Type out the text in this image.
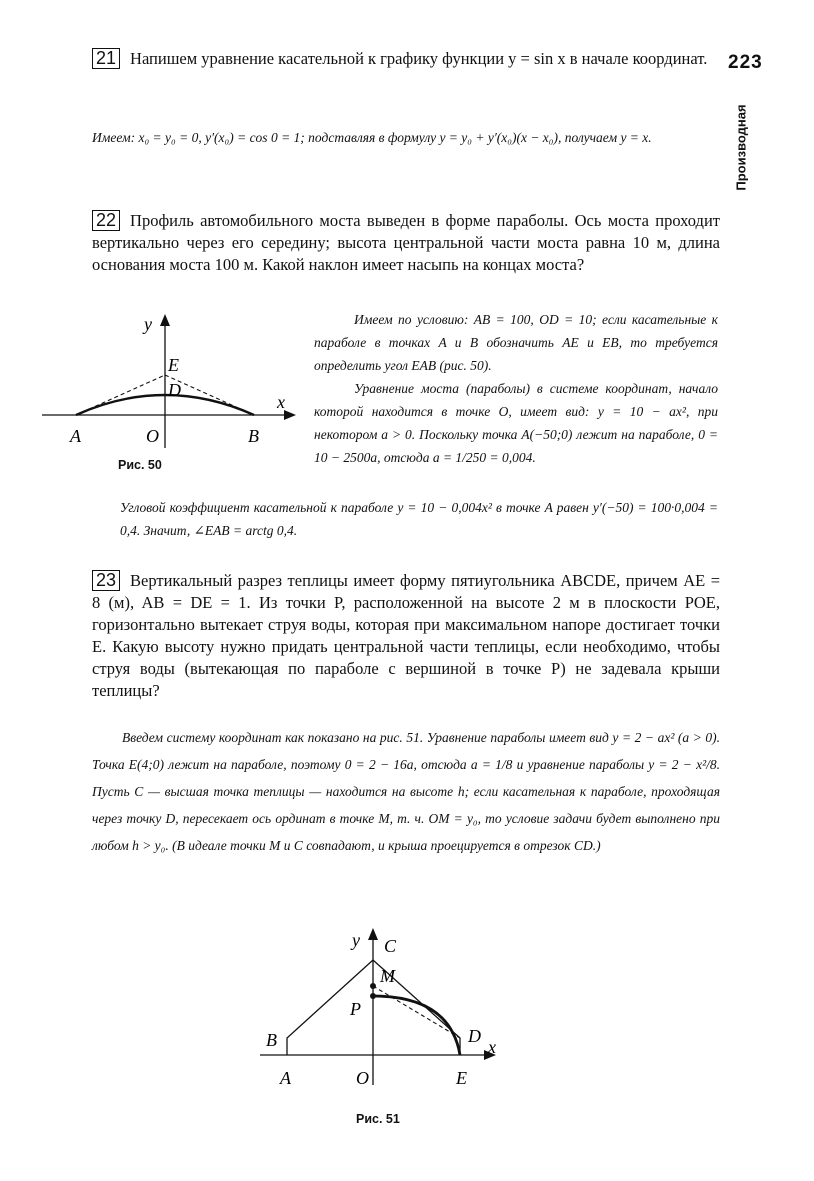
223
Производная
21 Напишем уравнение касательной к графику функции y = sin x в начале координат.
Имеем: x₀ = y₀ = 0, y′(x₀) = cos 0 = 1; подставляя в формулу y = y₀ + y′(x₀)(x − x₀), получаем y = x.
22 Профиль автомобильного моста выведен в форме параболы. Ось моста проходит вертикально через его середину; высота центральной части моста равна 10 м, длина основания моста 100 м. Какой наклон имеет насыпь на концах моста?
y
x
E
D
A	O	B
Рис. 50
Имеем по условию: AB = 100, OD = 10; если касательные к параболе в точках A и B обозначить AE и EB, то требуется определить угол EAB (рис. 50).
Уравнение моста (параболы) в системе координат, начало которой находится в точке O, имеет вид: y = 10 − ax², при некотором a > 0. Поскольку точка A(−50;0) лежит на параболе, 0 = 10 − 2500a, отсюда a = 1/250 = 0,004.
Угловой коэффициент касательной к параболе y = 10 − 0,004x² в точке A равен y′(−50) = 100·0,004 = 0,4. Значит, ∠EAB = arctg 0,4.
23 Вертикальный разрез теплицы имеет форму пятиугольника ABCDE, причем AE = 8 (м), AB = DE = 1. Из точки P, расположенной на высоте 2 м в плоскости POE, горизонтально вытекает струя воды, которая при максимальном напоре достигает точки E. Какую высоту нужно придать центральной части теплицы, если необходимо, чтобы струя воды (вытекающая по параболе с вершиной в точке P) не задевала крыши теплицы?
Введем систему координат как показано на рис. 51. Уравнение параболы имеет вид y = 2 − ax² (a > 0). Точка E(4;0) лежит на параболе, поэтому 0 = 2 − 16a, отсюда a = 1/8 и уравнение параболы y = 2 − x²/8. Пусть C — высшая точка теплицы — находится на высоте h; если касательная к параболе, проходящая через точку D, пересекает ось ординат в точке M, т. ч. OM = y₀, то условие задачи будет выполнено при любом h > y₀. (В идеале точки M и C совпадают, и крыша проецируется в отрезок CD.)
y C
M
P
B	D
x
A	O	E
Рис. 51
